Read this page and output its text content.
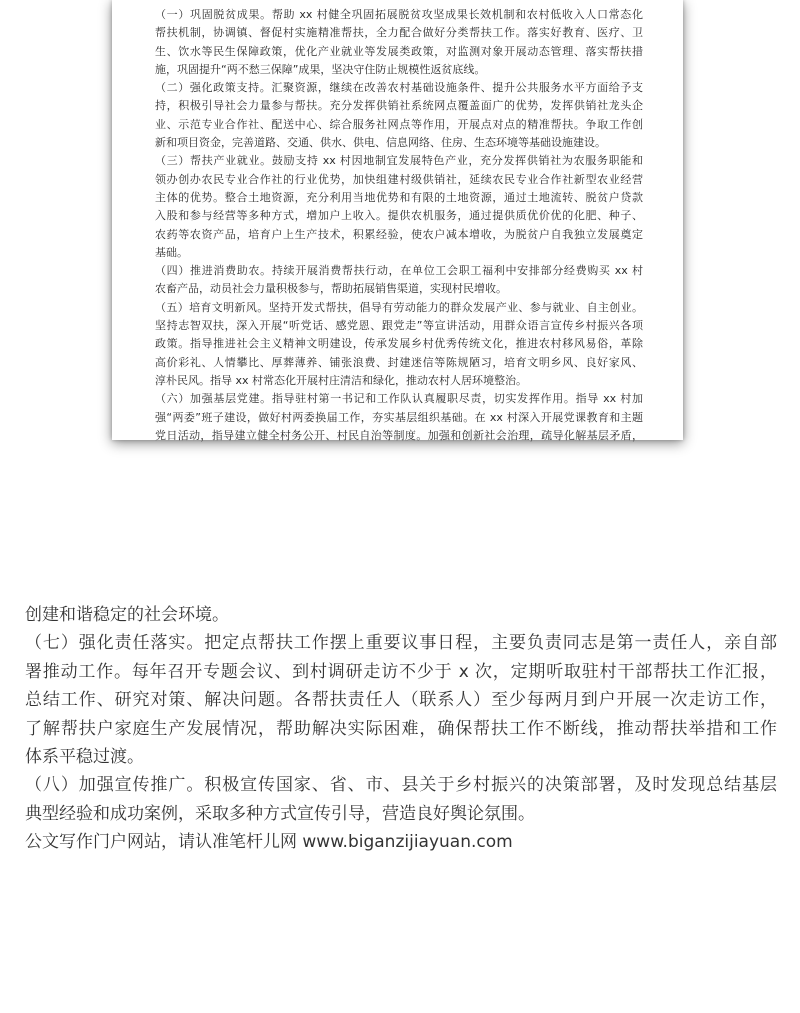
（一）巩固脱贫成果。帮助 xx 村健全巩固拓展脱贫攻坚成果长效机制和农村低收入人口常态化
帮扶机制，协调镇、督促村实施精准帮扶，全力配合做好分类帮扶工作。落实好教育、医疗、卫
生、饮水等民生保障政策，优化产业就业等发展类政策，对监测对象开展动态管理、落实帮扶措
施，巩固提升“两不愁三保障”成果，坚决守住防止规模性返贫底线。
（二）强化政策支持。汇聚资源，继续在改善农村基础设施条件、提升公共服务水平方面给予支
持，积极引导社会力量参与帮扶。充分发挥供销社系统网点覆盖面广的优势，发挥供销社龙头企
业、示范专业合作社、配送中心、综合服务社网点等作用，开展点对点的精准帮扶。争取工作创
新和项目资金，完善道路、交通、供水、供电、信息网络、住房、生态环境等基础设施建设。
（三）帮扶产业就业。鼓励支持 xx 村因地制宜发展特色产业，充分发挥供销社为农服务职能和
领办创办农民专业合作社的行业优势，加快组建村级供销社，延续农民专业合作社新型农业经营
主体的优势。整合土地资源，充分利用当地优势和有限的土地资源，通过土地流转、脱贫户贷款
入股和参与经营等多种方式，增加户上收入。提供农机服务，通过提供质优价优的化肥、种子、
农药等农资产品，培育户上生产技术，积累经验，使农户减本增收，为脱贫户自我独立发展奠定
基础。
（四）推进消费助农。持续开展消费帮扶行动，在单位工会职工福利中安排部分经费购买 xx 村
农畜产品，动员社会力量积极参与，帮助拓展销售渠道，实现村民增收。
（五）培育文明新风。坚持开发式帮扶，倡导有劳动能力的群众发展产业、参与就业、自主创业。
坚持志智双扶，深入开展“听党话、感党恩、跟党走”等宣讲活动，用群众语言宣传乡村振兴各项
政策。指导推进社会主义精神文明建设，传承发展乡村优秀传统文化，推进农村移风易俗，革除
高价彩礼、人情攀比、厚葬薄养、铺张浪费、封建迷信等陈规陋习，培育文明乡风、良好家风、
淳朴民风。指导 xx 村常态化开展村庄清洁和绿化，推动农村人居环境整治。
（六）加强基层党建。指导驻村第一书记和工作队认真履职尽责，切实发挥作用。指导 xx 村加
强“两委”班子建设，做好村两委换届工作，夯实基层组织基础。在 xx 村深入开展党课教育和主题
党日活动，指导建立健全村务公开、村民自治等制度。加强和创新社会治理，疏导化解基层矛盾，
创建和谐稳定的社会环境。
（七）强化责任落实。把定点帮扶工作摆上重要议事日程，主要负责同志是第一责任人，亲自部
署推动工作。每年召开专题会议、到村调研走访不少于 x 次，定期听取驻村干部帮扶工作汇报，
总结工作、研究对策、解决问题。各帮扶责任人（联系人）至少每两月到户开展一次走访工作，
了解帮扶户家庭生产发展情况，帮助解决实际困难，确保帮扶工作不断线，推动帮扶举措和工作
体系平稳过渡。
（八）加强宣传推广。积极宣传国家、省、市、县关于乡村振兴的决策部署，及时发现总结基层
典型经验和成功案例，采取多种方式宣传引导，营造良好舆论氛围。
公文写作门户网站，请认准笔杆儿网 www.biganzijiayuan.com
